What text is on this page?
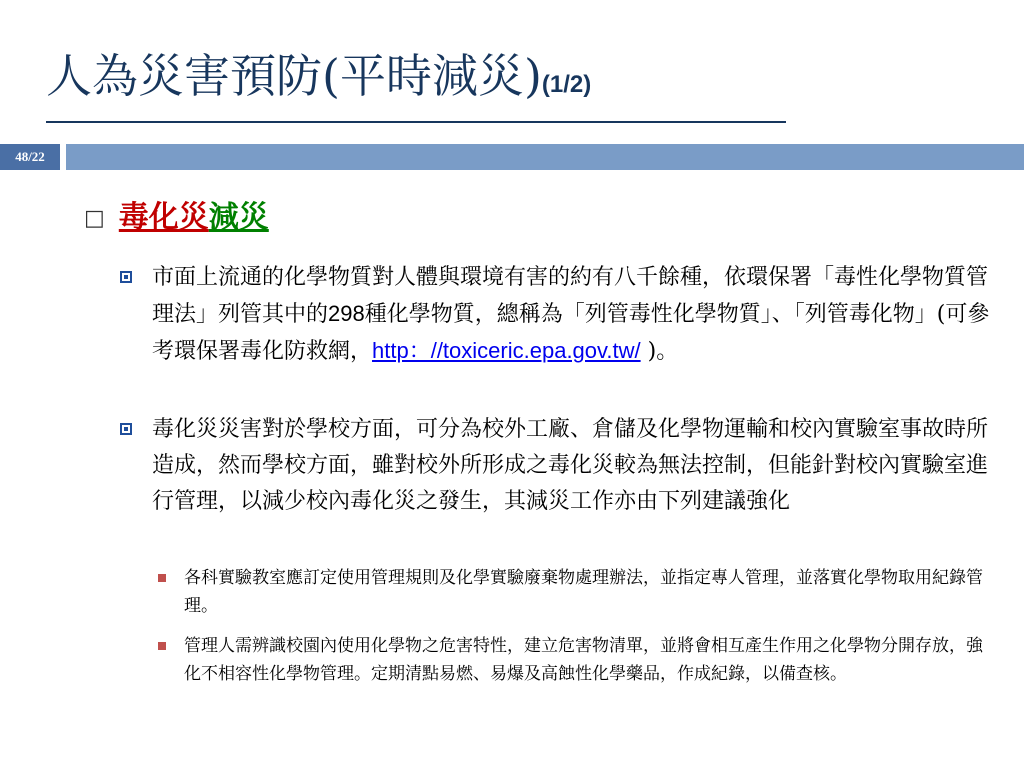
人為災害預防(平時減災)(1/2)
48/22
□ 毒化災減災
市面上流通的化學物質對人體與環境有害的約有八千餘種，依環保署「毒性化學物質管理法」列管其中的298種化學物質，總稱為「列管毒性化學物質」、「列管毒化物」(可參考環保署毒化防救網，http：//toxiceric.epa.gov.tw/ )。
毒化災災害對於學校方面，可分為校外工廠、倉儲及化學物運輸和校內實驗室事故時所造成，然而學校方面，雖對校外所形成之毒化災較為無法控制，但能針對校內實驗室進行管理，以減少校內毒化災之發生，其減災工作亦由下列建議強化
各科實驗教室應訂定使用管理規則及化學實驗廢棄物處理辦法，並指定專人管理，並落實化學物取用紀錄管理。
管理人需辨識校園內使用化學物之危害特性，建立危害物清單，並將會相互產生作用之化學物分開存放，強化不相容性化學物管理。定期清點易燃、易爆及高蝕性化學藥品，作成紀錄，以備查核。
